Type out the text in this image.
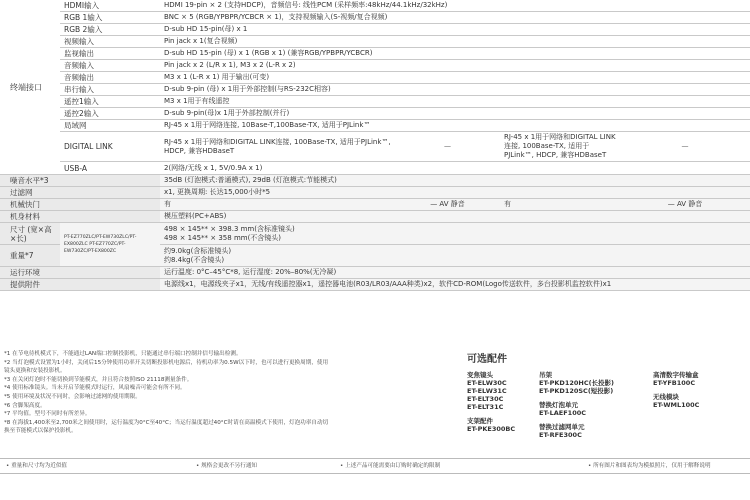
终端接口	HDMI输入	HDMI 19-pin × 2 (支持HDCP)，音频信号: 线性PCM (采样频率:48kHz/44.1kHz/32kHz)			
	RGB 1输入	BNC × 5 (RGB/YPBPR/YCBCR × 1)，支持视频输入(S-视频/复合视频)			
	RGB 2输入	D-sub HD 15-pin(母) x 1			
	视频输入	Pin jack x 1(复合视频)			
	监视输出	D-sub HD 15-pin (母) x 1 (RGB x 1) (兼容RGB/YPBPR/YCBCR)			
	音频输入	Pin jack x 2 (L/R x 1), M3 x 2 (L-R x 2)			
	音频输出	M3 x 1 (L-R x 1) 用于输出(可变)			
	串行输入	D-sub 9-pin (母) x 1用于外部控制(与RS-232C相容)			
	遥控1输入	M3 x 1用于有线遥控			
	遥控2输入	D-sub 9-pin(母)x 1用于外部控制(并行)			
	局域网	RJ-45 x 1用于网络连接, 10Base-T,100Base-TX, 适用于PJLink™			
	DIGITAL LINK	RJ-45 x 1用于网络和DIGITAL LINK连接, 100Base-TX, 适用于PJLink™, HDCP, 兼容HDBaseT	—	RJ-45 x 1用于网络和DIGITAL LINK连接, 100Base-TX, 适用于PJLink™, HDCP, 兼容HDBaseT	—
	USB-A	2(网络/无线 x 1, 5V/0.9A x 1)			
噪音水平*3		35dB (灯泡模式:普通模式), 29dB (灯泡模式:节能模式)			
过滤网		x1, 更换周期: 长达15,000小时*5			
机械快门		有	— AV 静音	有	— AV 静音
机身材料		模压塑料(PC+ABS)			
尺寸 (宽×高×长)	PT-EZ770ZLC/PT-EW730ZLC/PT-EX800ZLC PT-EZ770ZC/PT-EW730ZC/PT-EX800ZC	498 × 145** × 398.3 mm(含标准镜头)
498 × 145** × 358 mm(不含镜头)			

重量*7		约9.0kg(含标准镜头)
约8.4kg(不含镜头)			

运行环境		运行温度: 0°C–45°C*8, 运行湿度: 20%–80%(无冷凝)			
提供附件		电源线x1，电源线夹子x1，无线/有线遥控器x1，遥控器电池(R03/LR03/AAA种类)x2，软件CD-ROM(Logo传送软件，多台投影机监控软件)x1			
*1 在节电待机模式下，不能通过LAN端口控制投影机，只能通过串行端口控制并信号输出检测。
*2 当灯泡模式设置为1小时，关闭后15分钟使用功率开关切断投影机电源后，待机功率为0.5W以下时，也可以进行更换周期，使用
镜头更换和安装投影机。
*3 在关闭灯泡时不能切换到节能模式，并且符合按照ISO 21118测量条件。
*4 使用标准镜头。当未开启节能模式时运行，风扇噪音可能会有所不同。
*5 使用环境及状况不同时，会影响过滤网的使用期限。
*6 含脚架高度。
*7 平均值。型号不同时有所差异。
*8 在海拔1,400米至2,700米之间使用时，运行温度为0°C至40°C；当运行温度超过40°C时请在高温模式下使用，灯泡功率自动切
换至节能模式以保护投影机。
可选配件
变焦镜头
ET-ELW30C
ET-ELW31C
ET-ELT30C
ET-ELT31C
支架配件
ET-PKE300BC
吊架
ET-PKD120HC(长投影)
ET-PKD120SC(短投影)
替换灯泡单元
ET-LAEF100C
替换过滤网单元
ET-RFE300C
高清数字传输盒
ET-YFB100C
无线模块
ET-WML100C
• 重量和尺寸均为近似值	• 规格会更改不另行通知	• 上述产品可能需要由订购时确定的限制	• 所有图片和图表均为模拟照片，仅用于解释说明
